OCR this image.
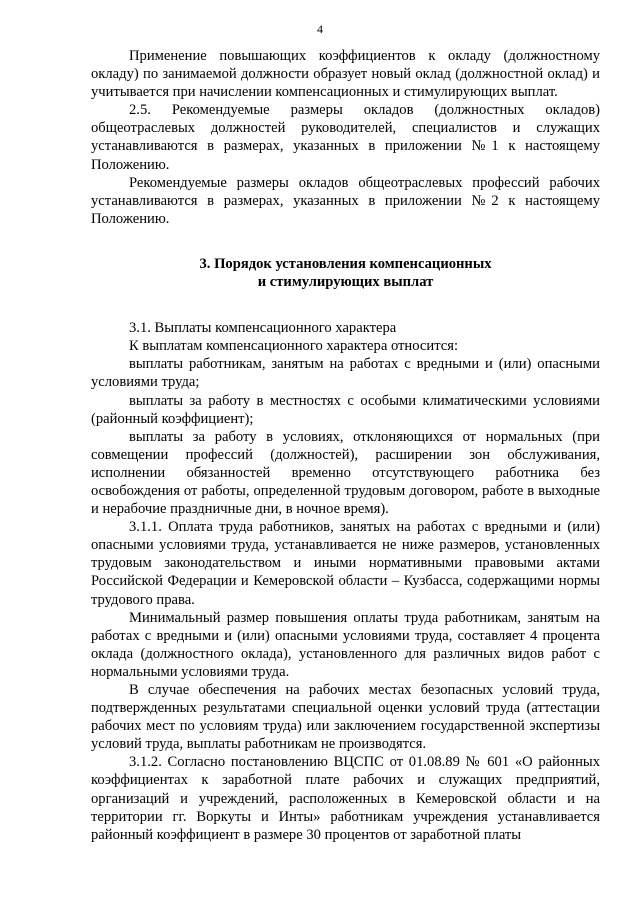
4

Применение повышающих коэффициентов к окладу (должностному окладу) по занимаемой должности образует новый оклад (должностной оклад) и учитывается при начислении компенсационных и стимулирующих выплат.

2.5. Рекомендуемые размеры окладов (должностных окладов) общеотраслевых должностей руководителей, специалистов и служащих устанавливаются в размерах, указанных в приложении №1 к настоящему Положению.

Рекомендуемые размеры окладов общеотраслевых профессий рабочих устанавливаются в размерах, указанных в приложении №2 к настоящему Положению.

3. Порядок установления компенсационных
и стимулирующих выплат

3.1. Выплаты компенсационного характера

К выплатам компенсационного характера относится:

выплаты работникам, занятым на работах с вредными и (или) опасными условиями труда;

выплаты за работу в местностях с особыми климатическими условиями (районный коэффициент);

выплаты за работу в условиях, отклоняющихся от нормальных (при совмещении профессий (должностей), расширении зон обслуживания, исполнении обязанностей временно отсутствующего работника без освобождения от работы, определенной трудовым договором, работе в выходные и нерабочие праздничные дни, в ночное время).

3.1.1. Оплата труда работников, занятых на работах с вредными и (или) опасными условиями труда, устанавливается не ниже размеров, установленных трудовым законодательством и иными нормативными правовыми актами Российской Федерации и Кемеровской области – Кузбасса, содержащими нормы трудового права.

Минимальный размер повышения оплаты труда работникам, занятым на работах с вредными и (или) опасными условиями труда, составляет 4 процента оклада (должностного оклада), установленного для различных видов работ с нормальными условиями труда.

В случае обеспечения на рабочих местах безопасных условий труда, подтвержденных результатами специальной оценки условий труда (аттестации рабочих мест по условиям труда) или заключением государственной экспертизы условий труда, выплаты работникам не производятся.

3.1.2. Согласно постановлению ВЦСПС от 01.08.89 № 601 «О районных коэффициентах к заработной плате рабочих и служащих предприятий, организаций и учреждений, расположенных в Кемеровской области и на территории гг. Воркуты и Инты» работникам учреждения устанавливается районный коэффициент в размере 30 процентов от заработной платы
